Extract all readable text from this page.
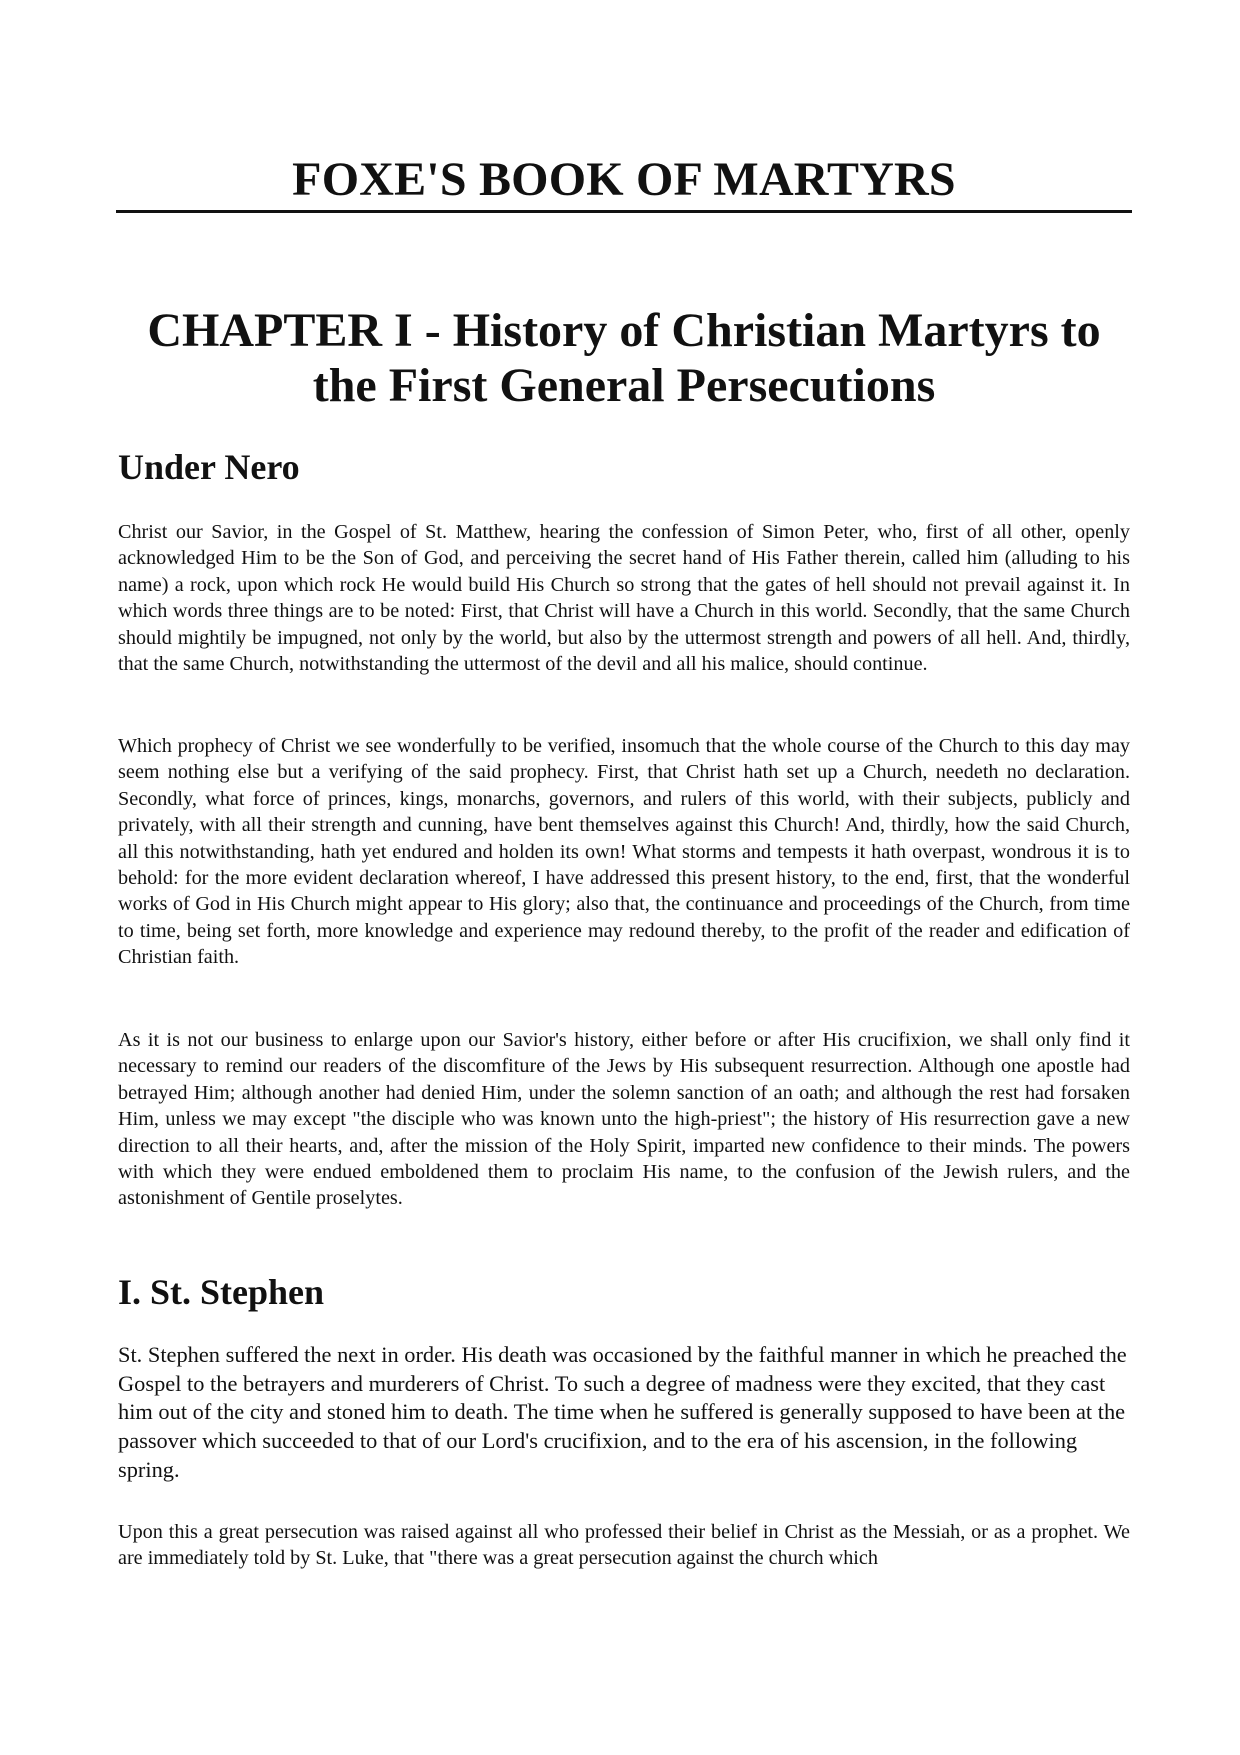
FOXE'S BOOK OF MARTYRS
CHAPTER I - History of Christian Martyrs to the First General Persecutions
Under Nero

Christ our Savior, in the Gospel of St. Matthew, hearing the confession of Simon Peter, who, first of all other, openly acknowledged Him to be the Son of God, and perceiving the secret hand of His Father therein, called him (alluding to his name) a rock, upon which rock He would build His Church so strong that the gates of hell should not prevail against it. In which words three things are to be noted: First, that Christ will have a Church in this world. Secondly, that the same Church should mightily be impugned, not only by the world, but also by the uttermost strength and powers of all hell. And, thirdly, that the same Church, notwithstanding the uttermost of the devil and all his malice, should continue.

Which prophecy of Christ we see wonderfully to be verified, insomuch that the whole course of the Church to this day may seem nothing else but a verifying of the said prophecy. First, that Christ hath set up a Church, needeth no declaration. Secondly, what force of princes, kings, monarchs, governors, and rulers of this world, with their subjects, publicly and privately, with all their strength and cunning, have bent themselves against this Church! And, thirdly, how the said Church, all this notwithstanding, hath yet endured and holden its own! What storms and tempests it hath overpast, wondrous it is to behold: for the more evident declaration whereof, I have addressed this present history, to the end, first, that the wonderful works of God in His Church might appear to His glory; also that, the continuance and proceedings of the Church, from time to time, being set forth, more knowledge and experience may redound thereby, to the profit of the reader and edification of Christian faith.

As it is not our business to enlarge upon our Savior's history, either before or after His crucifixion, we shall only find it necessary to remind our readers of the discomfiture of the Jews by His subsequent resurrection. Although one apostle had betrayed Him; although another had denied Him, under the solemn sanction of an oath; and although the rest had forsaken Him, unless we may except "the disciple who was known unto the high-priest"; the history of His resurrection gave a new direction to all their hearts, and, after the mission of the Holy Spirit, imparted new confidence to their minds. The powers with which they were endued emboldened them to proclaim His name, to the confusion of the Jewish rulers, and the astonishment of Gentile proselytes.

I. St. Stephen

St. Stephen suffered the next in order. His death was occasioned by the faithful manner in which he preached the Gospel to the betrayers and murderers of Christ. To such a degree of madness were they excited, that they cast him out of the city and stoned him to death. The time when he suffered is generally supposed to have been at the passover which succeeded to that of our Lord's crucifixion, and to the era of his ascension, in the following spring.

Upon this a great persecution was raised against all who professed their belief in Christ as the Messiah, or as a prophet. We are immediately told by St. Luke, that "there was a great persecution against the church which
